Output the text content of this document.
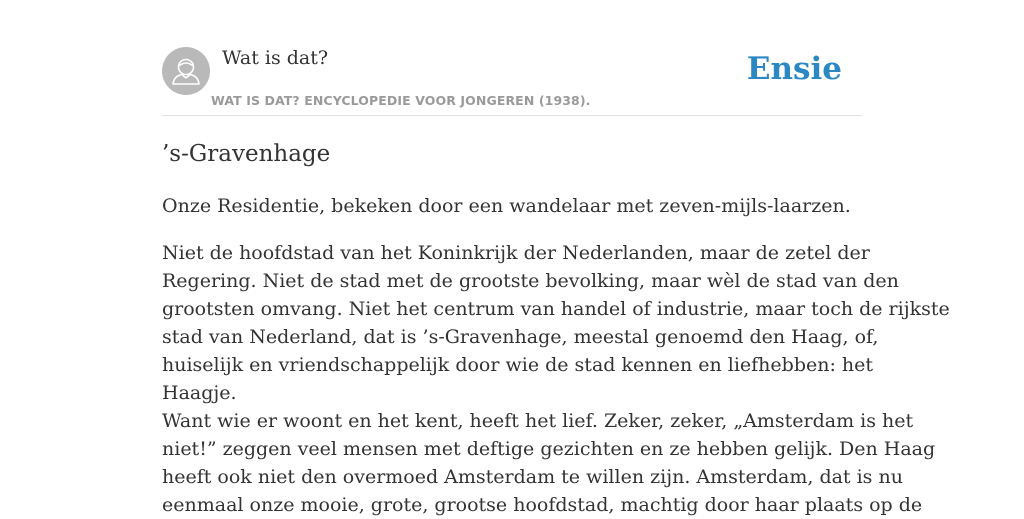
Wat is dat?
WAT IS DAT? ENCYCLOPEDIE VOOR JONGEREN (1938).
Ensie
’s-Gravenhage

Onze Residentie, bekeken door een wandelaar met zeven-mijls-laarzen.

Niet de hoofdstad van het Koninkrijk der Nederlanden, maar de zetel der
Regering. Niet de stad met de grootste bevolking, maar wèl de stad van den
grootsten omvang. Niet het centrum van handel of industrie, maar toch de rijkste
stad van Nederland, dat is ’s-Gravenhage, meestal genoemd den Haag, of,
huiselijk en vriendschappelijk door wie de stad kennen en liefhebben: het
Haagje.
Want wie er woont en het kent, heeft het lief. Zeker, zeker, „Amsterdam is het
niet!” zeggen veel mensen met deftige gezichten en ze hebben gelijk. Den Haag
heeft ook niet den overmoed Amsterdam te willen zijn. Amsterdam, dat is nu
eenmaal onze mooie, grote, grootse hoofdstad, machtig door haar plaats op de
